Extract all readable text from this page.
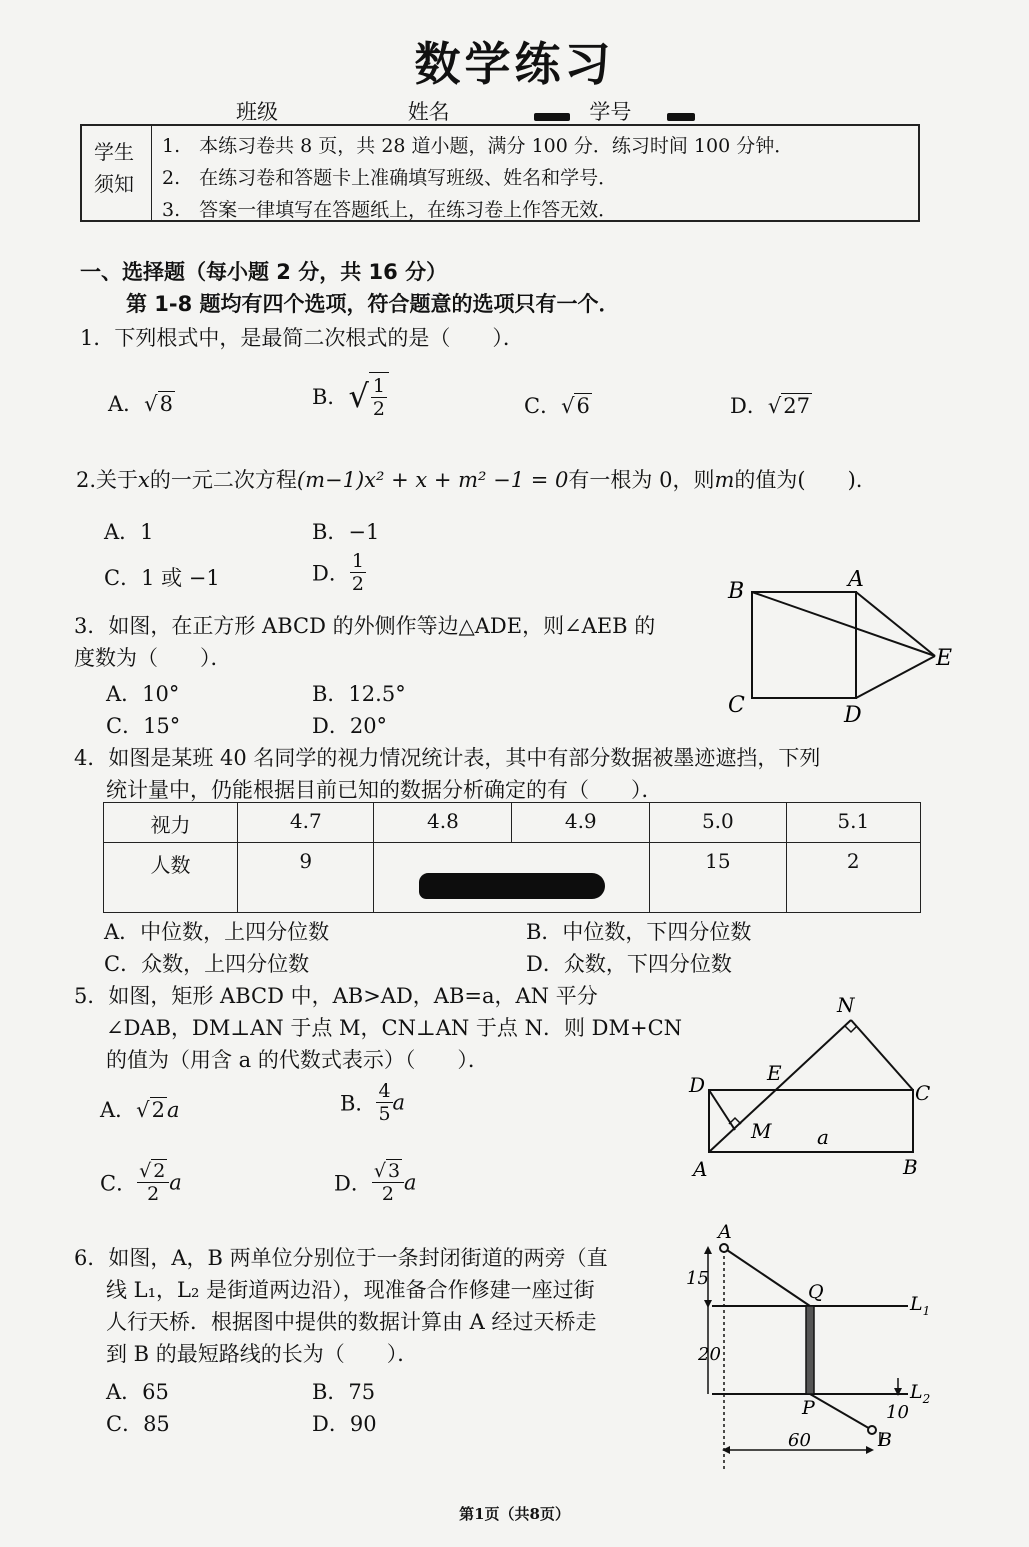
数学练习
班级	姓名	学号
学生
须知
1.　本练习卷共 8 页，共 28 道小题，满分 100 分．练习时间 100 分钟．
2.　在练习卷和答题卡上准确填写班级、姓名和学号．
3.　答案一律填写在答题纸上，在练习卷上作答无效．
一、选择题（每小题 2 分，共 16 分）
第 1-8 题均有四个选项，符合题意的选项只有一个．
1．下列根式中，是最简二次根式的是（　　）．
A．√8	B．√ $\frac{1}{2}$	C．√6	D．√27
2.关于x的一元二次方程(m−1)x² + x + m² −1 = 0有一根为 0，则m的值为(　　).
A．1	B．−1
C．1 或 −1	D． $\frac{1}{2}$
3．如图，在正方形 ABCD 的外侧作等边△ADE，则∠AEB 的
度数为（　　）．
A．10°	B．12.5°
C．15°	D．20°
B	A
E
C	D
4．如图是某班 40 名同学的视力情况统计表，其中有部分数据被墨迹遮挡，下列
统计量中，仍能根据目前已知的数据分析确定的有（　　）．
视力	4.7	4.8	4.9	5.0	5.1
人数	9			15	2
A．中位数，上四分位数	B．中位数，下四分位数
C．众数，上四分位数	D．众数，下四分位数
5．如图，矩形 ABCD 中，AB>AD，AB=a，AN 平分
∠DAB，DM⊥AN 于点 M，CN⊥AN 于点 N．则 DM+CN
的值为（用含 a 的代数式表示）（　　）．
A．√2a	B． $\frac{4}{5}$ a
C． $\frac{√ 2}{2}$ a	D． $\frac{√ 3}{2}$ a
N
E
D	C
M a
A	B
6．如图，A，B 两单位分别位于一条封闭街道的两旁（直
线 L₁，L₂ 是街道两边沿），现准备合作修建一座过街
人行天桥．根据图中提供的数据计算由 A 经过天桥走
到 B 的最短路线的长为（　　）．
A．65	B．75
C．85	D．90
A
Q
$L_1$
P
$L_2$
B
15
20
10
60
第1页（共8页）
